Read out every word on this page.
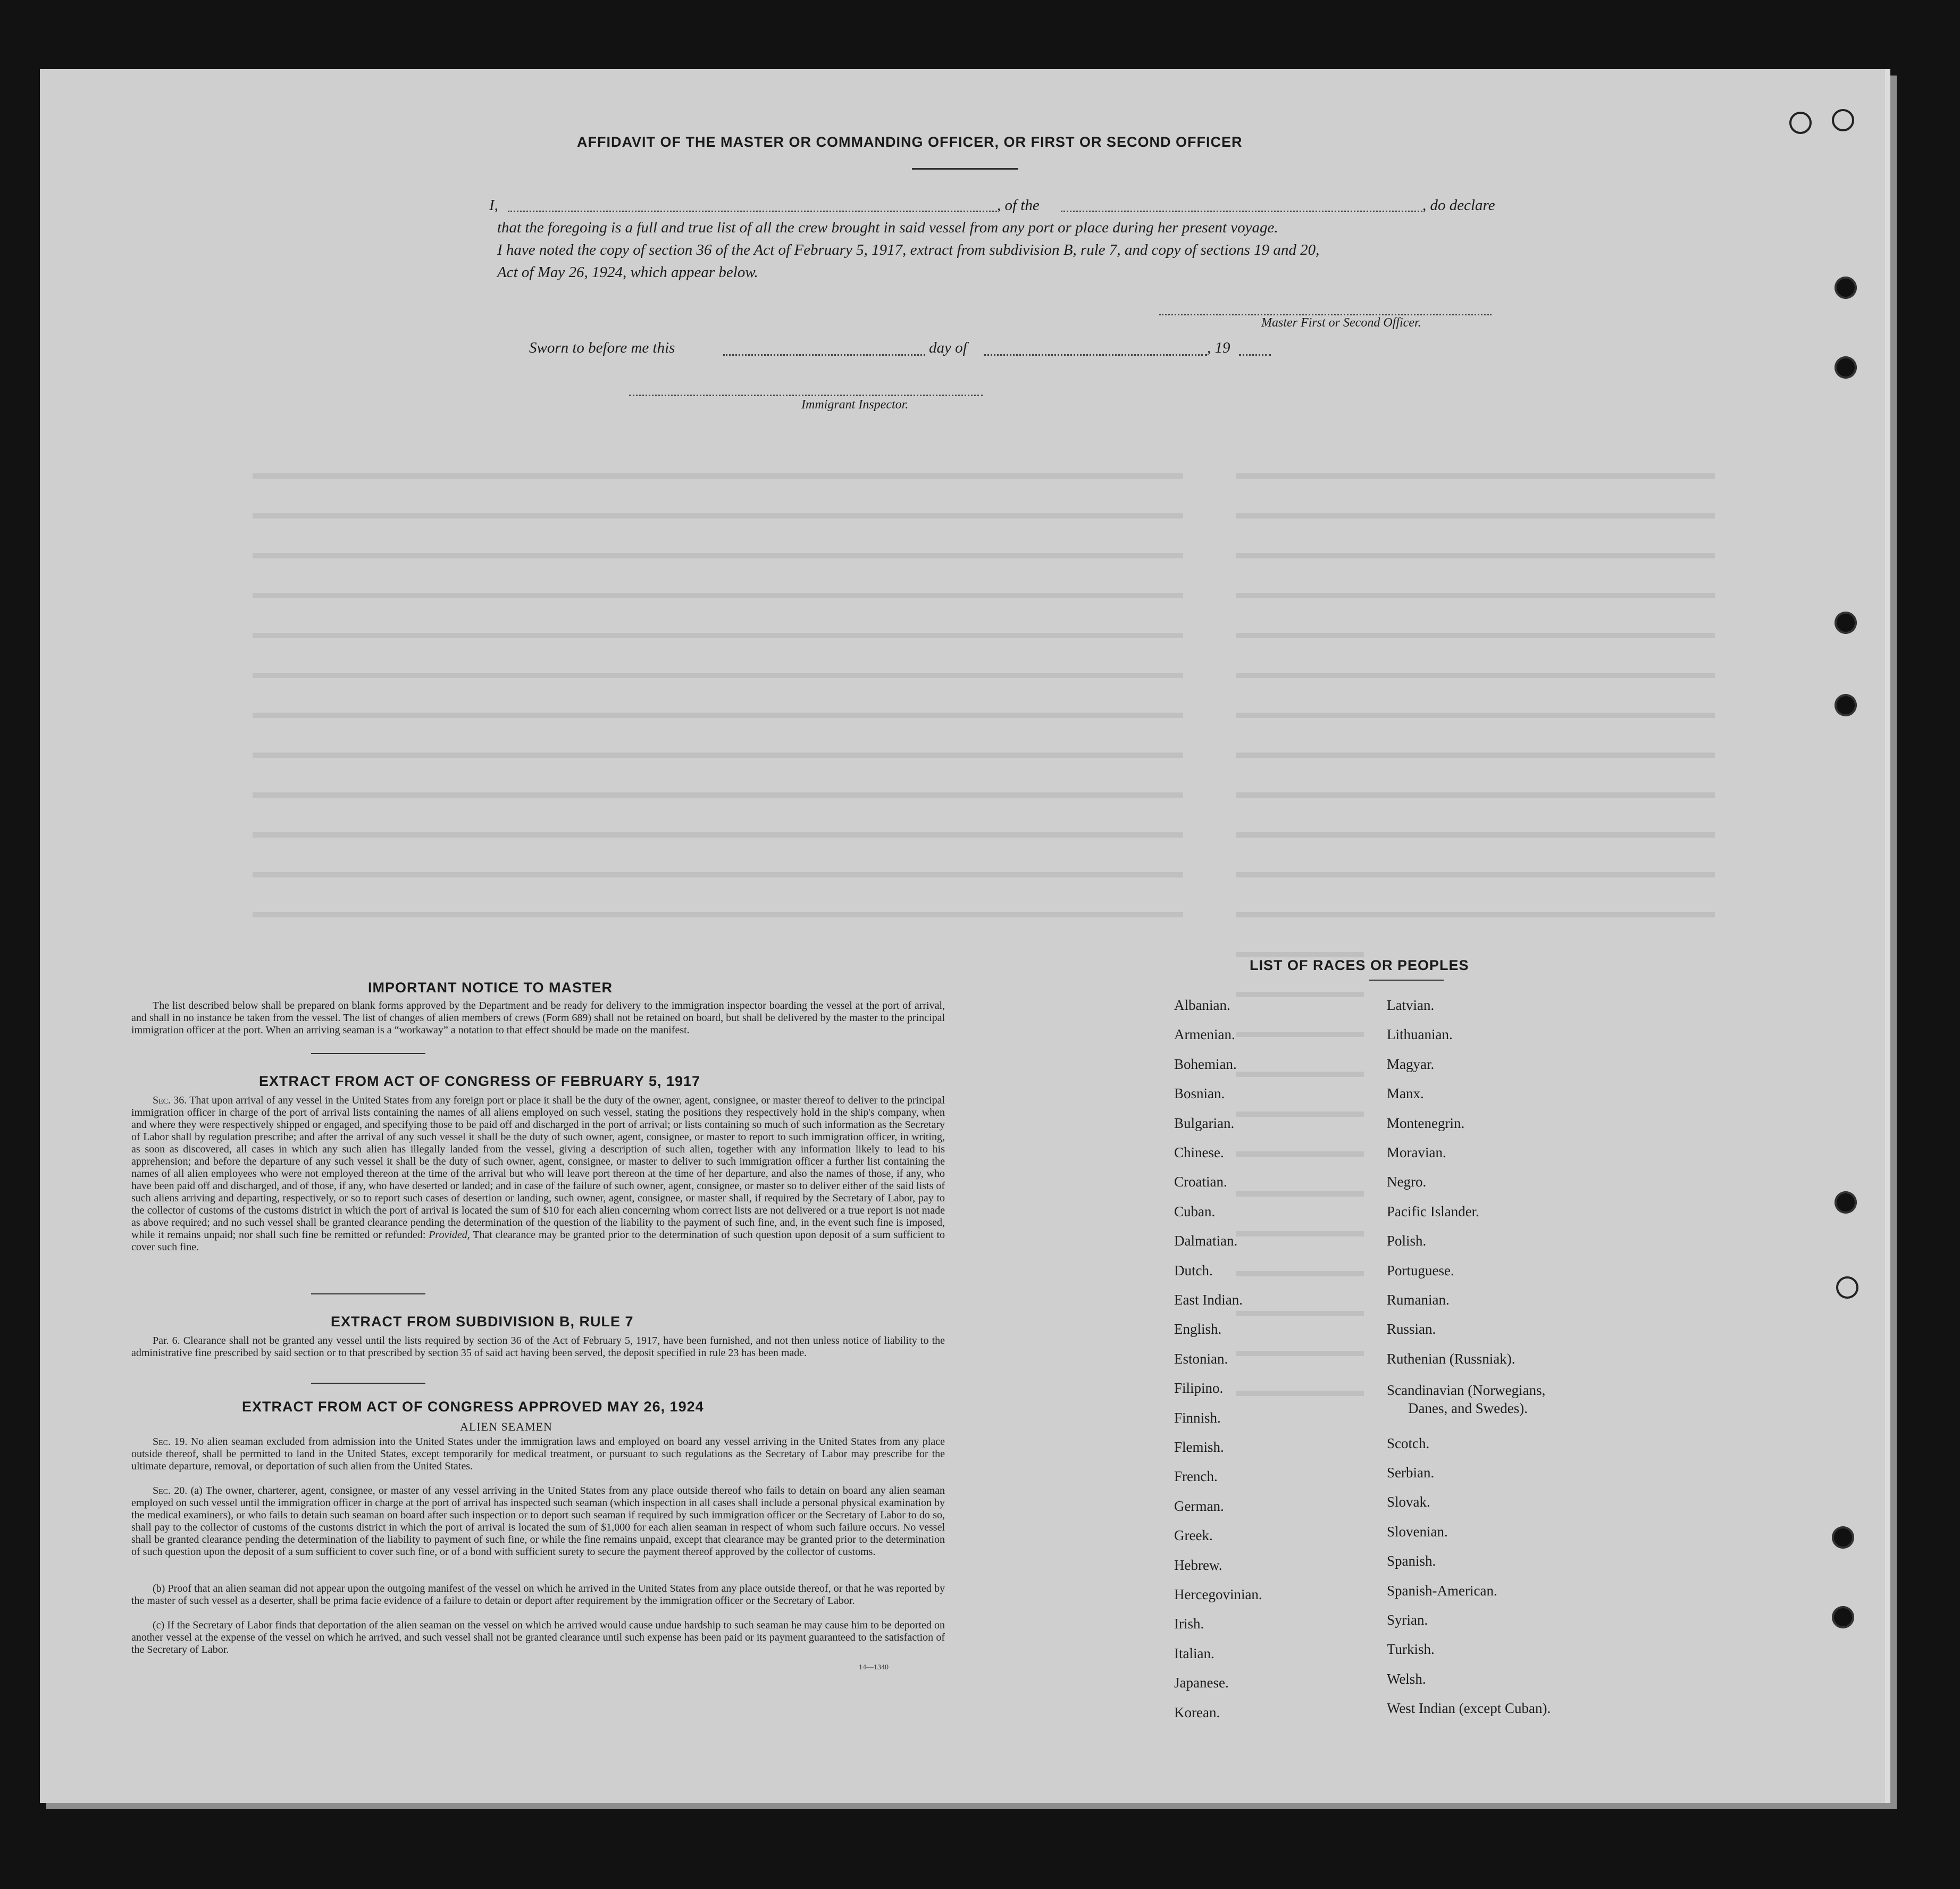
AFFIDAVIT OF THE MASTER OR COMMANDING OFFICER, OR FIRST OR SECOND OFFICER
I,	, of the	, do declare
that the foregoing is a full and true list of all the crew brought in said vessel from any port or place during her present voyage.
I have noted the copy of section 36 of the Act of February 5, 1917, extract from subdivision B, rule 7, and copy of sections 19 and 20,
Act of May 26, 1924, which appear below.
Master First or Second Officer.
Sworn to before me this	day of	, 19
Immigrant Inspector.
IMPORTANT NOTICE TO MASTER
The list described below shall be prepared on blank forms approved by the Department and be ready for delivery to the immigration inspector boarding the vessel at the port of arrival, and shall in no instance be taken from the vessel. The list of changes of alien members of crews (Form 689) shall not be retained on board, but shall be delivered by the master to the principal immigration officer at the port. When an arriving seaman is a “workaway” a notation to that effect should be made on the manifest.
EXTRACT FROM ACT OF CONGRESS OF FEBRUARY 5, 1917
Sec. 36. That upon arrival of any vessel in the United States from any foreign port or place it shall be the duty of the owner, agent, consignee, or master thereof to deliver to the principal immigration officer in charge of the port of arrival lists containing the names of all aliens employed on such vessel, stating the positions they respectively hold in the ship's company, when and where they were respectively shipped or engaged, and specifying those to be paid off and discharged in the port of arrival; or lists containing so much of such information as the Secretary of Labor shall by regulation prescribe; and after the arrival of any such vessel it shall be the duty of such owner, agent, consignee, or master to report to such immigration officer, in writing, as soon as discovered, all cases in which any such alien has illegally landed from the vessel, giving a description of such alien, together with any information likely to lead to his apprehension; and before the departure of any such vessel it shall be the duty of such owner, agent, consignee, or master to deliver to such immigration officer a further list containing the names of all alien employees who were not employed thereon at the time of the arrival but who will leave port thereon at the time of her departure, and also the names of those, if any, who have been paid off and discharged, and of those, if any, who have deserted or landed; and in case of the failure of such owner, agent, consignee, or master so to deliver either of the said lists of such aliens arriving and departing, respectively, or so to report such cases of desertion or landing, such owner, agent, consignee, or master shall, if required by the Secretary of Labor, pay to the collector of customs of the customs district in which the port of arrival is located the sum of $10 for each alien concerning whom correct lists are not delivered or a true report is not made as above required; and no such vessel shall be granted clearance pending the determination of the question of the liability to the payment of such fine, and, in the event such fine is imposed, while it remains unpaid; nor shall such fine be remitted or refunded: Provided, That clearance may be granted prior to the determination of such question upon deposit of a sum sufficient to cover such fine.
EXTRACT FROM SUBDIVISION B, RULE 7
Par. 6. Clearance shall not be granted any vessel until the lists required by section 36 of the Act of February 5, 1917, have been furnished, and not then unless notice of liability to the administrative fine prescribed by said section or to that prescribed by section 35 of said act having been served, the deposit specified in rule 23 has been made.
EXTRACT FROM ACT OF CONGRESS APPROVED MAY 26, 1924
ALIEN SEAMEN
Sec. 19. No alien seaman excluded from admission into the United States under the immigration laws and employed on board any vessel arriving in the United States from any place outside thereof, shall be permitted to land in the United States, except temporarily for medical treatment, or pursuant to such regulations as the Secretary of Labor may prescribe for the ultimate departure, removal, or deportation of such alien from the United States.
Sec. 20. (a) The owner, charterer, agent, consignee, or master of any vessel arriving in the United States from any place outside thereof who fails to detain on board any alien seaman employed on such vessel until the immigration officer in charge at the port of arrival has inspected such seaman (which inspection in all cases shall include a personal physical examination by the medical examiners), or who fails to detain such seaman on board after such inspection or to deport such seaman if required by such immigration officer or the Secretary of Labor to do so, shall pay to the collector of customs of the customs district in which the port of arrival is located the sum of $1,000 for each alien seaman in respect of whom such failure occurs. No vessel shall be granted clearance pending the determination of the liability to payment of such fine, or while the fine remains unpaid, except that clearance may be granted prior to the determination of such question upon the deposit of a sum sufficient to cover such fine, or of a bond with sufficient surety to secure the payment thereof approved by the collector of customs.
(b) Proof that an alien seaman did not appear upon the outgoing manifest of the vessel on which he arrived in the United States from any place outside thereof, or that he was reported by the master of such vessel as a deserter, shall be prima facie evidence of a failure to detain or deport after requirement by the immigration officer or the Secretary of Labor.
(c) If the Secretary of Labor finds that deportation of the alien seaman on the vessel on which he arrived would cause undue hardship to such seaman he may cause him to be deported on another vessel at the expense of the vessel on which he arrived, and such vessel shall not be granted clearance until such expense has been paid or its payment guaranteed to the satisfaction of the Secretary of Labor.
14—1340
LIST OF RACES OR PEOPLES
Albanian.
Armenian.
Bohemian.
Bosnian.
Bulgarian.
Chinese.
Croatian.
Cuban.
Dalmatian.
Dutch.
East Indian.
English.
Estonian.
Filipino.
Finnish.
Flemish.
French.
German.
Greek.
Hebrew.
Hercegovinian.
Irish.
Italian.
Japanese.
Korean.
Latvian.
Lithuanian.
Magyar.
Manx.
Montenegrin.
Moravian.
Negro.
Pacific Islander.
Polish.
Portuguese.
Rumanian.
Russian.
Ruthenian (Russniak).
Scandinavian (Norwegians,
Danes, and Swedes).
Scotch.
Serbian.
Slovak.
Slovenian.
Spanish.
Spanish-American.
Syrian.
Turkish.
Welsh.
West Indian (except Cuban).
